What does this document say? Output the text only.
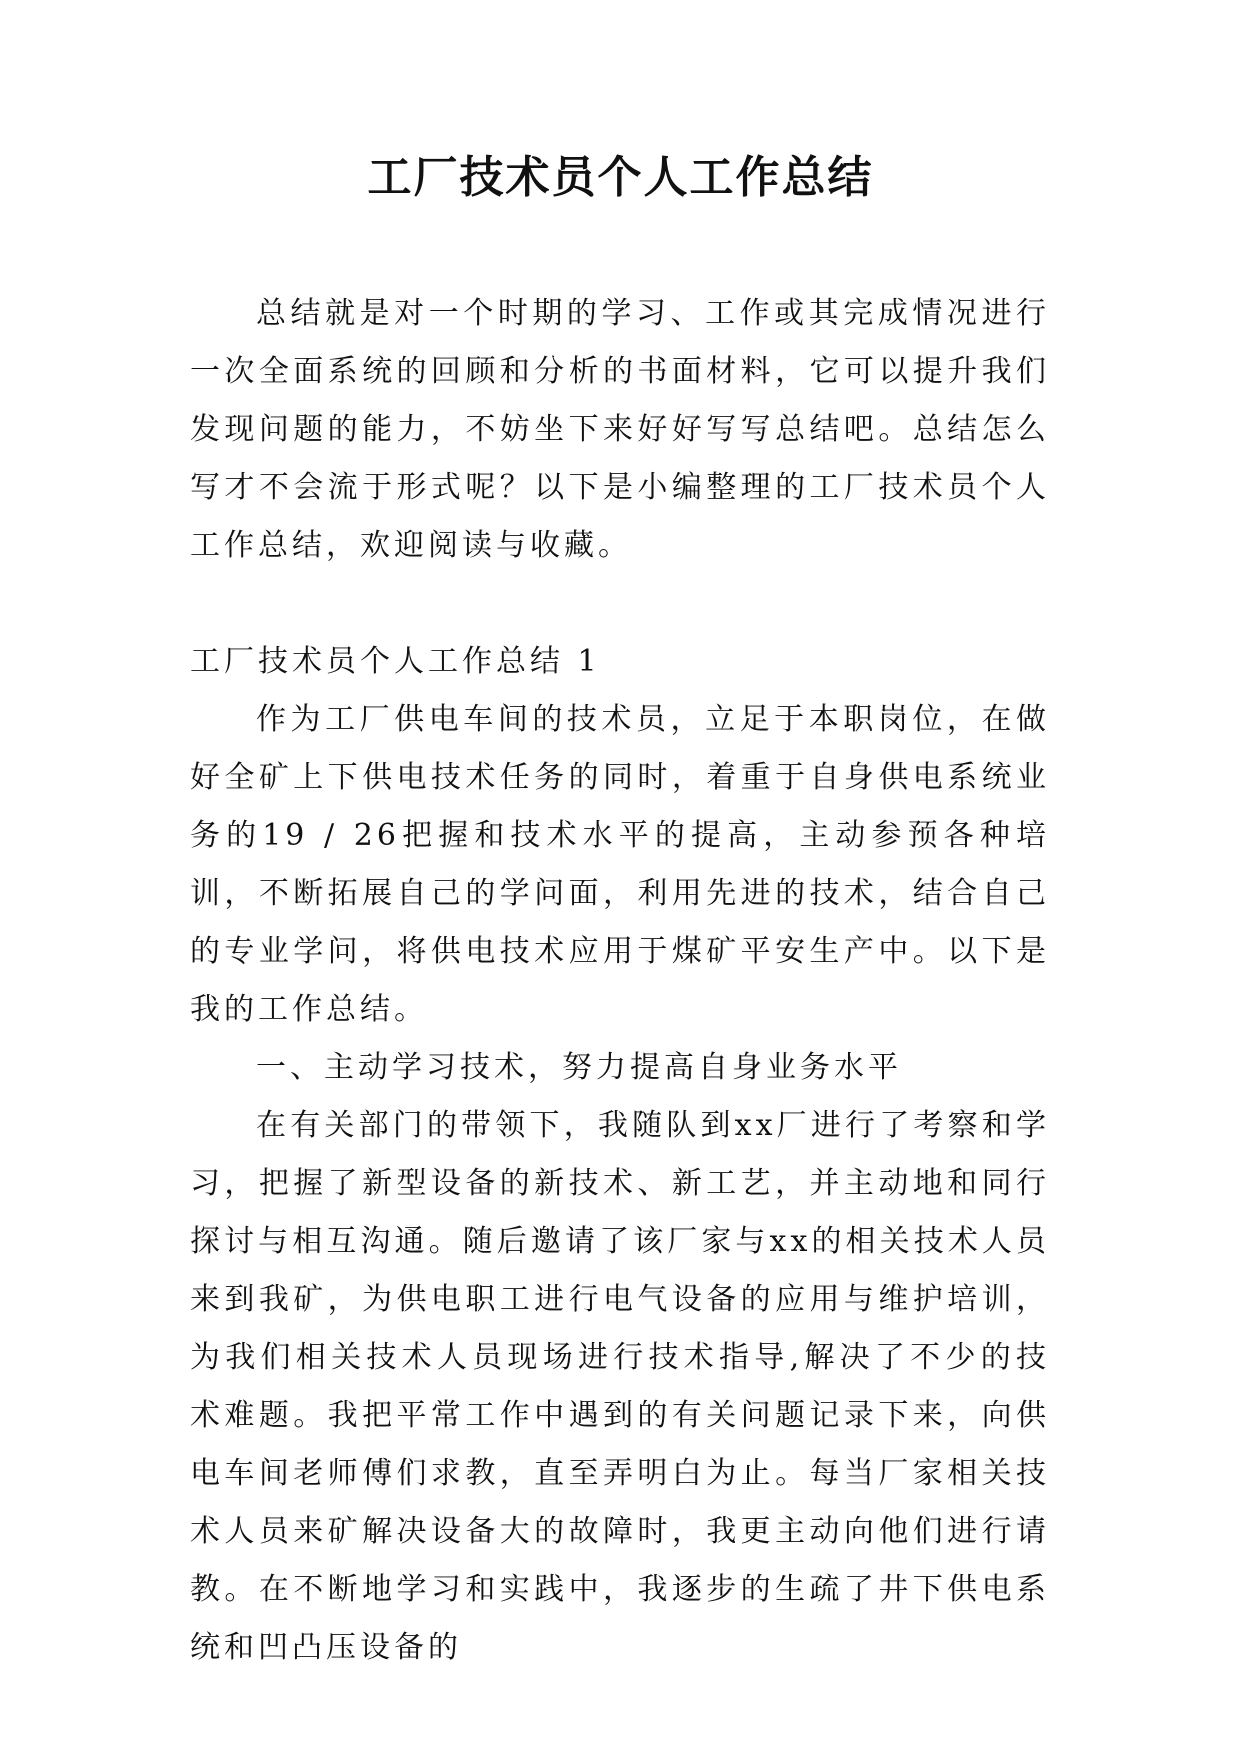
工厂技术员个人工作总结

总结就是对一个时期的学习、工作或其完成情况进行一次全面系统的回顾和分析的书面材料，它可以提升我们发现问题的能力，不妨坐下来好好写写总结吧。总结怎么写才不会流于形式呢？以下是小编整理的工厂技术员个人工作总结，欢迎阅读与收藏。

工厂技术员个人工作总结 1

作为工厂供电车间的技术员，立足于本职岗位，在做好全矿上下供电技术任务的同时，着重于自身供电系统业务的19 / 26把握和技术水平的提高，主动参预各种培训，不断拓展自己的学问面，利用先进的技术，结合自己的专业学问，将供电技术应用于煤矿平安生产中。以下是我的工作总结。

一、主动学习技术，努力提高自身业务水平

在有关部门的带领下，我随队到xx厂进行了考察和学习，把握了新型设备的新技术、新工艺，并主动地和同行探讨与相互沟通。随后邀请了该厂家与xx的相关技术人员来到我矿，为供电职工进行电气设备的应用与维护培训，为我们相关技术人员现场进行技术指导,解决了不少的技术难题。我把平常工作中遇到的有关问题记录下来，向供电车间老师傅们求教，直至弄明白为止。每当厂家相关技术人员来矿解决设备大的故障时，我更主动向他们进行请教。在不断地学习和实践中，我逐步的生疏了井下供电系统和凹凸压设备的
